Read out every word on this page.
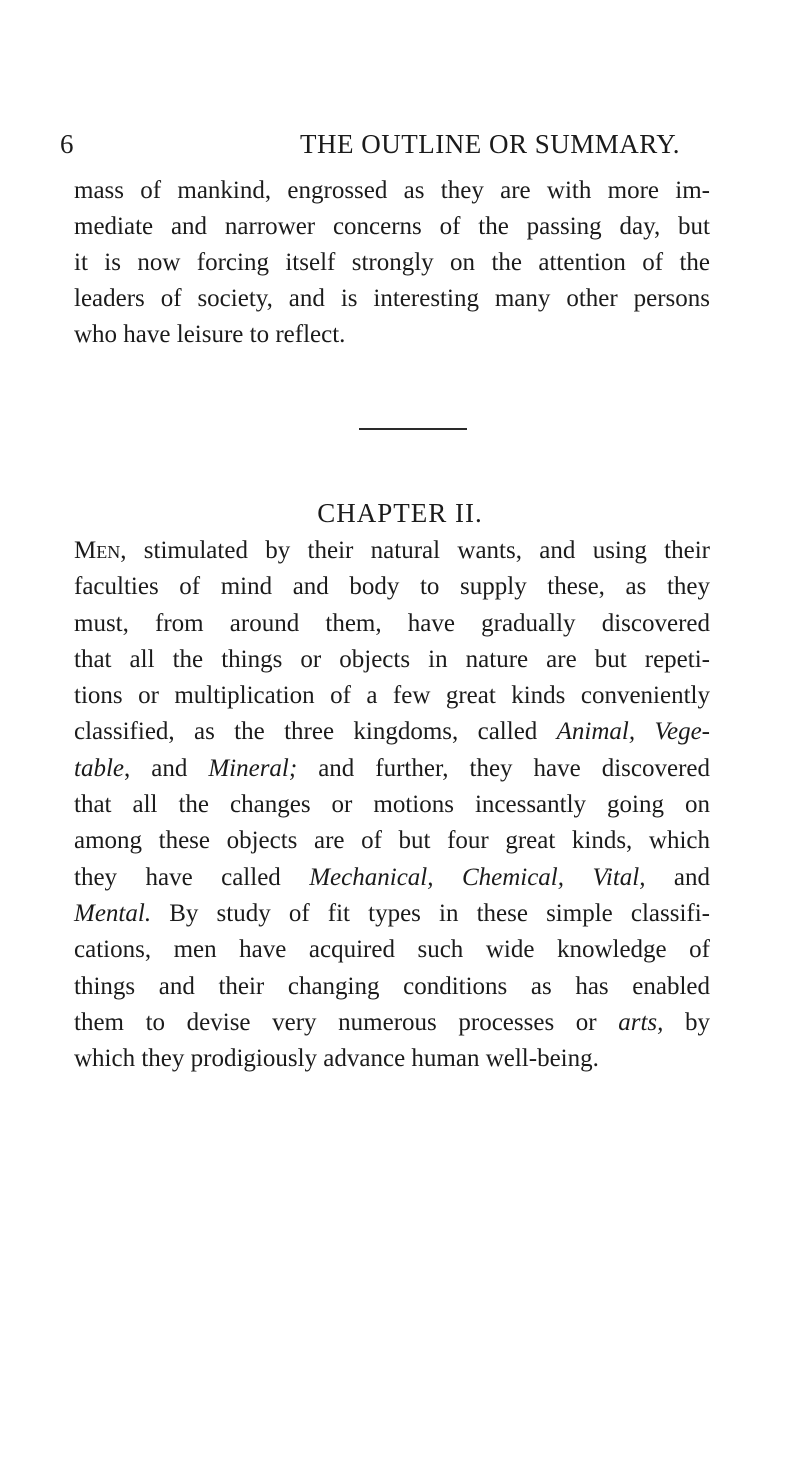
6	THE OUTLINE OR SUMMARY.
mass of mankind, engrossed as they are with more im-
mediate and narrower concerns of the passing day, but
it is now forcing itself strongly on the attention of the
leaders of society, and is interesting many other persons
who have leisure to reflect.
CHAPTER II.
Men, stimulated by their natural wants, and using their
faculties of mind and body to supply these, as they
must, from around them, have gradually discovered
that all the things or objects in nature are but repeti-
tions or multiplication of a few great kinds conveniently
classified, as the three kingdoms, called Animal, Vege-
table, and Mineral; and further, they have discovered
that all the changes or motions incessantly going on
among these objects are of but four great kinds, which
they have called Mechanical, Chemical, Vital, and
Mental. By study of fit types in these simple classifi-
cations, men have acquired such wide knowledge of
things and their changing conditions as has enabled
them to devise very numerous processes or arts, by
which they prodigiously advance human well-being.
